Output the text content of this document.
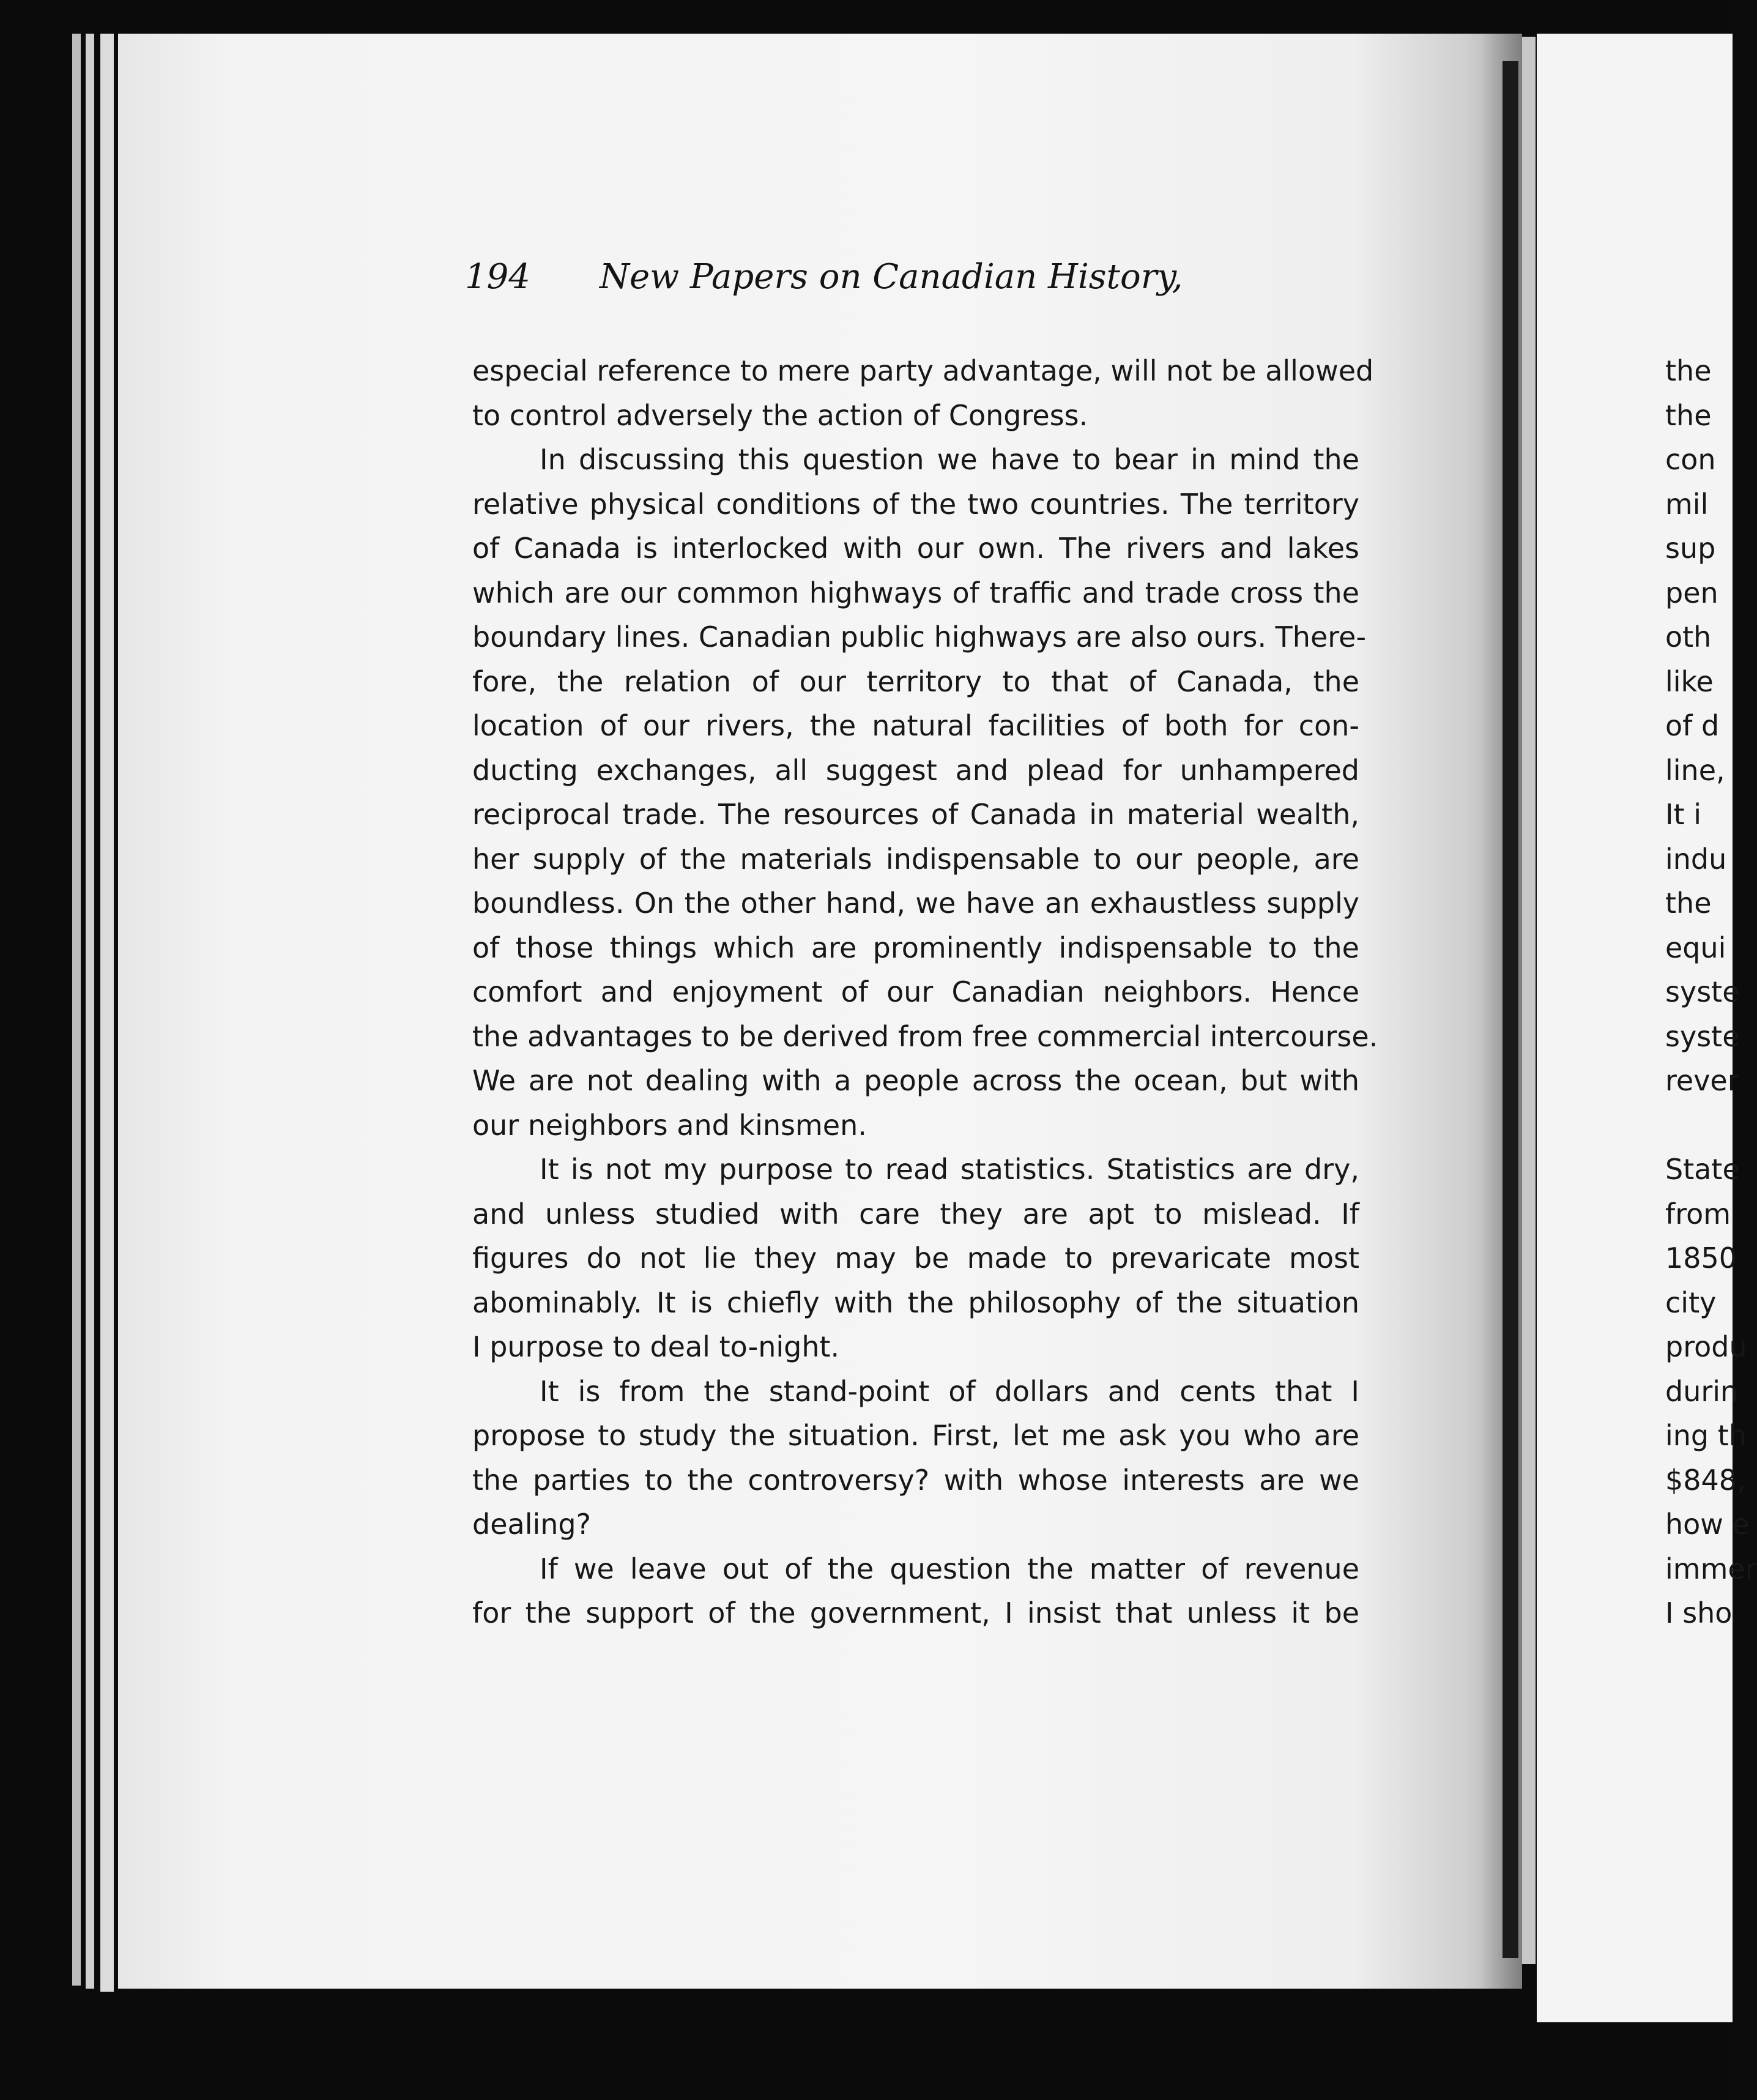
194 New Papers on Canadian History,
especial reference to mere party advantage, will not be allowed
to control adversely the action of Congress.
In discussing this question we have to bear in mind the
relative physical conditions of the two countries. The territory
of Canada is interlocked with our own. The rivers and lakes
which are our common highways of traffic and trade cross the
boundary lines. Canadian public highways are also ours. There-
fore, the relation of our territory to that of Canada, the
location of our rivers, the natural facilities of both for con-
ducting exchanges, all suggest and plead for unhampered
reciprocal trade. The resources of Canada in material wealth,
her supply of the materials indispensable to our people, are
boundless. On the other hand, we have an exhaustless supply
of those things which are prominently indispensable to the
comfort and enjoyment of our Canadian neighbors. Hence
the advantages to be derived from free commercial intercourse.
We are not dealing with a people across the ocean, but with
our neighbors and kinsmen.
It is not my purpose to read statistics. Statistics are dry,
and unless studied with care they are apt to mislead. If
figures do not lie they may be made to prevaricate most
abominably. It is chiefly with the philosophy of the situation
I purpose to deal to-night.
It is from the stand-point of dollars and cents that I
propose to study the situation. First, let me ask you who are
the parties to the controversy? with whose interests are we
dealing?
If we leave out of the question the matter of revenue
for the support of the government, I insist that unless it be
the
the
con
mil
sup
pen
oth
like
of d
line,
It i
indu
the
equi
syste
syste
rever
State
from
1850
city
produ
durin
ing th
$848,
how e
immer
I sho
